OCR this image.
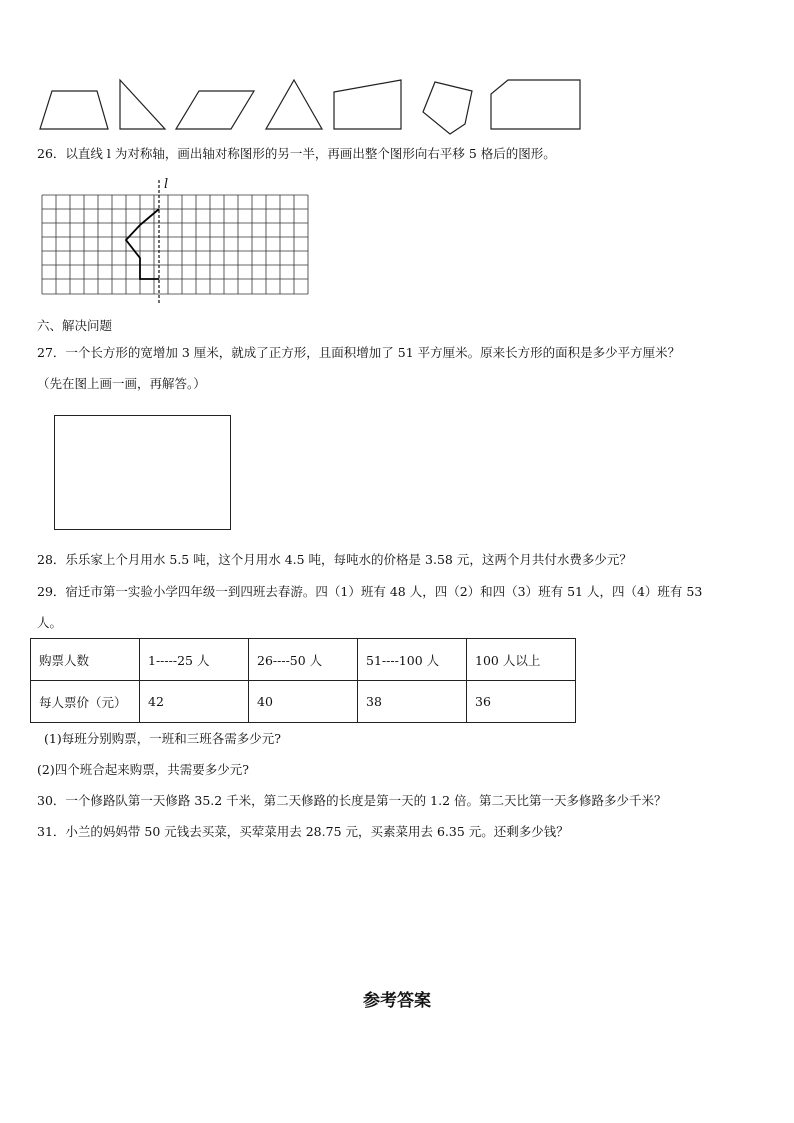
26．以直线 l 为对称轴，画出轴对称图形的另一半，再画出整个图形向右平移 5 格后的图形。
l
六、解决问题
27．一个长方形的宽增加 3 厘米，就成了正方形，且面积增加了 51 平方厘米。原来长方形的面积是多少平方厘米？
（先在图上画一画，再解答。）
28．乐乐家上个月用水 5.5 吨，这个月用水 4.5 吨，每吨水的价格是 3.58 元，这两个月共付水费多少元？
29．宿迁市第一实验小学四年级一到四班去春游。四（1）班有 48 人，四（2）和四（3）班有 51 人，四（4）班有 53
人。
购票人数	1-----25 人	26----50 人	51----100 人	100 人以上
每人票价（元）	42	40	38	36
(1)每班分别购票，一班和三班各需多少元?
(2)四个班合起来购票，共需要多少元?
30．一个修路队第一天修路 35.2 千米，第二天修路的长度是第一天的 1.2 倍。第二天比第一天多修路多少千米？
31．小兰的妈妈带 50 元钱去买菜，买荤菜用去 28.75 元，买素菜用去 6.35 元。还剩多少钱？
参考答案
